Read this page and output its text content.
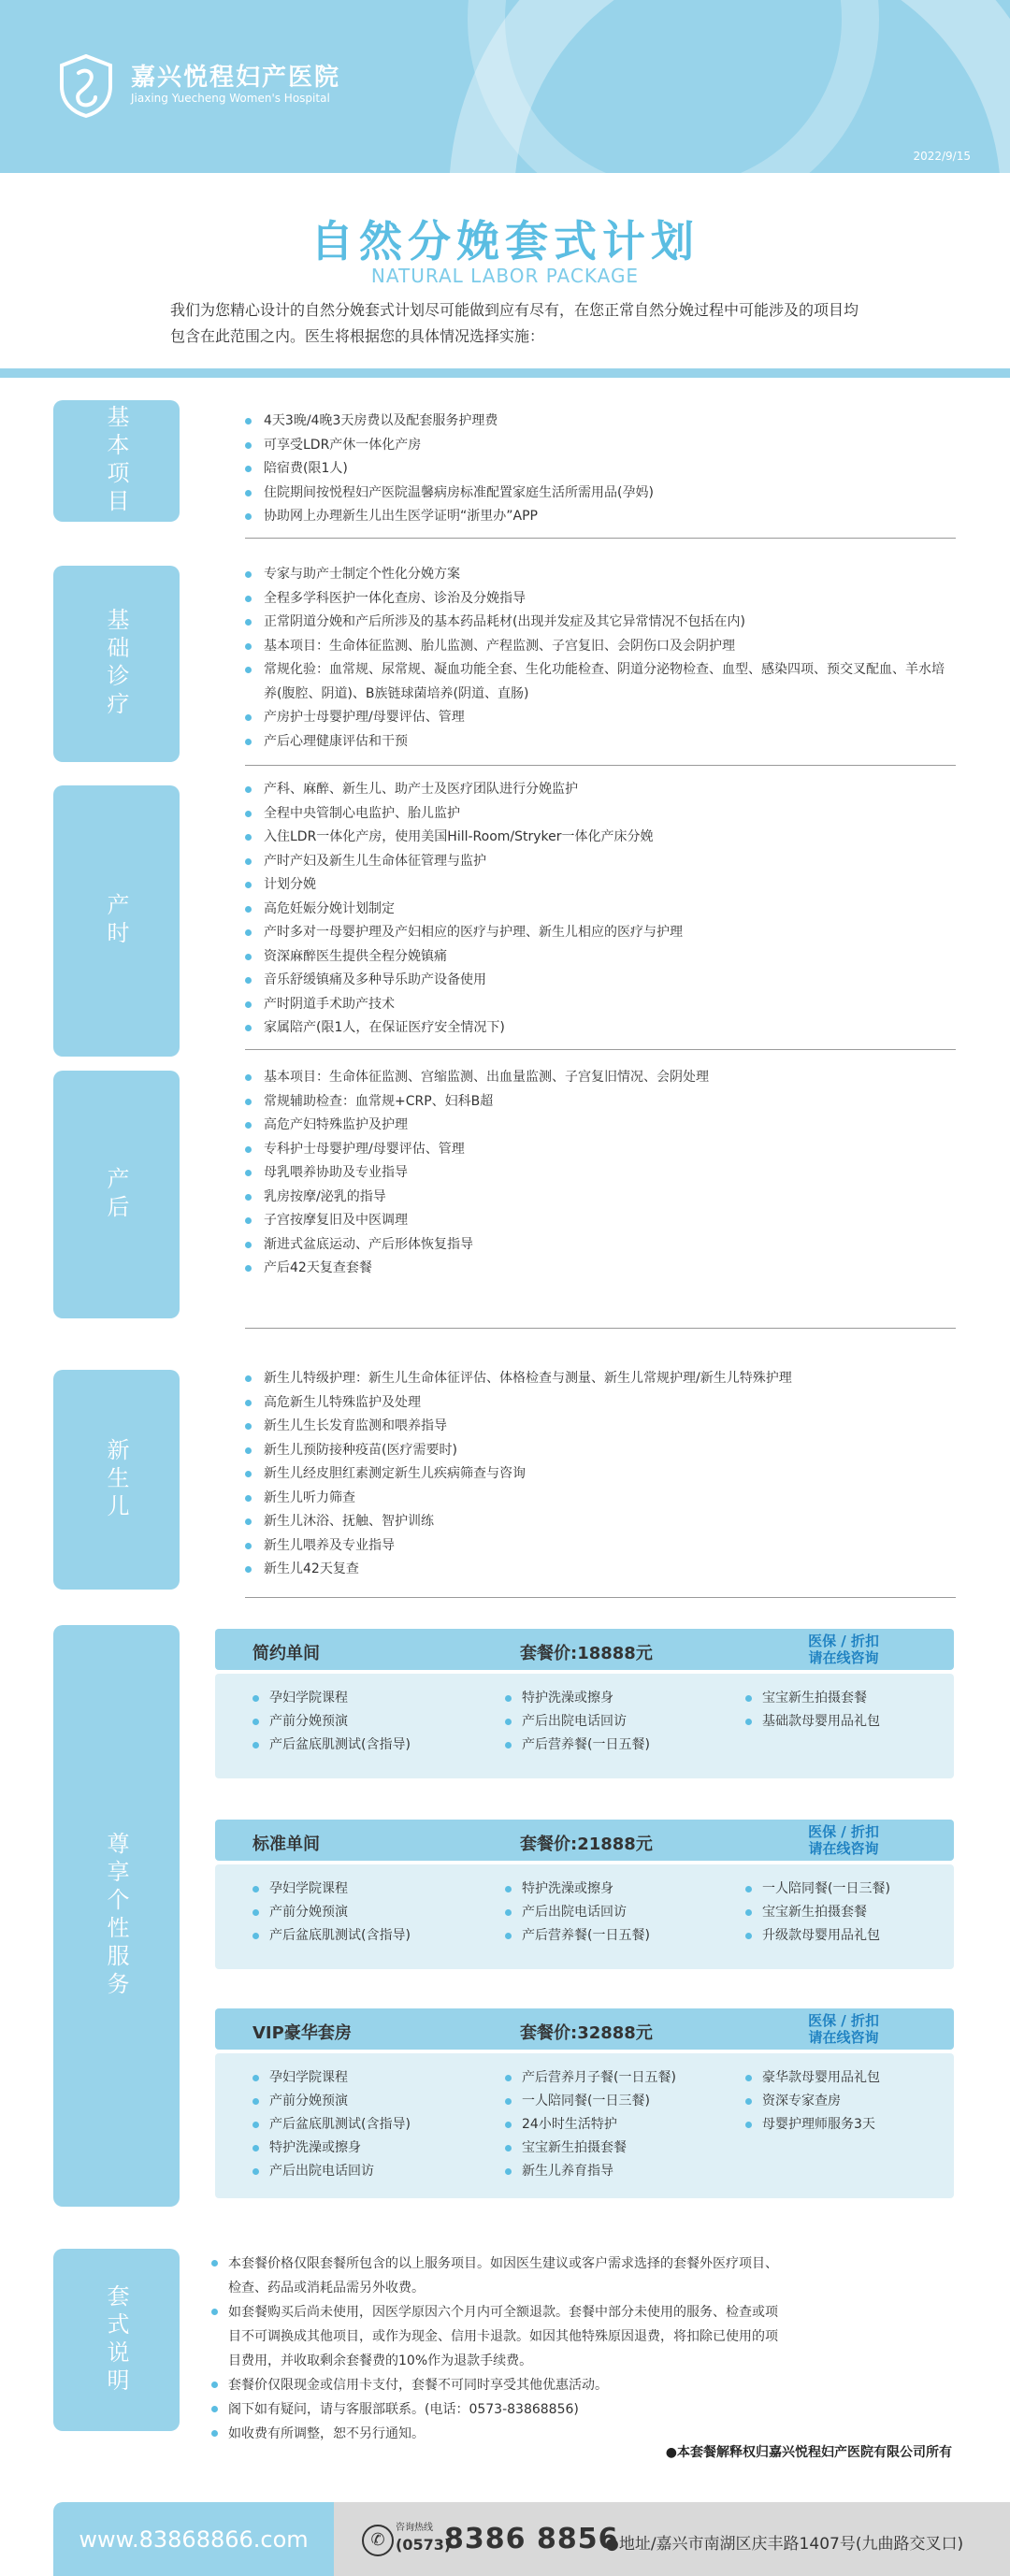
嘉兴悦程妇产医院
Jiaxing Yuecheng Women's Hospital
2022/9/15
自然分娩套式计划
NATURAL LABOR PACKAGE
我们为您精心设计的自然分娩套式计划尽可能做到应有尽有，在您正常自然分娩过程中可能涉及的项目均包含在此范围之内。医生将根据您的具体情况选择实施：
基本项目	4天3晚/4晚3天房费以及配套服务护理费
可享受LDR产休一体化产房
陪宿费(限1人)
住院期间按悦程妇产医院温馨病房标准配置家庭生活所需用品(孕妈)
协助网上办理新生儿出生医学证明“浙里办”APP
基础诊疗
专家与助产士制定个性化分娩方案
全程多学科医护一体化查房、诊治及分娩指导
正常阴道分娩和产后所涉及的基本药品耗材(出现并发症及其它异常情况不包括在内)
基本项目：生命体征监测、胎儿监测、产程监测、子宫复旧、会阴伤口及会阴护理
常规化验：血常规、尿常规、凝血功能全套、生化功能检查、阴道分泌物检查、血型、感染四项、预交叉配血、羊水培养(腹腔、阴道)、B族链球菌培养(阴道、直肠)
产房护士母婴护理/母婴评估、管理
产后心理健康评估和干预
产时
产科、麻醉、新生儿、助产士及医疗团队进行分娩监护
全程中央管制心电监护、胎儿监护
入住LDR一体化产房，使用美国Hill-Room/Stryker一体化产床分娩
产时产妇及新生儿生命体征管理与监护
计划分娩
高危妊娠分娩计划制定
产时多对一母婴护理及产妇相应的医疗与护理、新生儿相应的医疗与护理
资深麻醉医生提供全程分娩镇痛
音乐舒缓镇痛及多种导乐助产设备使用
产时阴道手术助产技术
家属陪产(限1人，在保证医疗安全情况下)
产后
基本项目：生命体征监测、宫缩监测、出血量监测、子宫复旧情况、会阴处理
常规辅助检查：血常规+CRP、妇科B超
高危产妇特殊监护及护理
专科护士母婴护理/母婴评估、管理
母乳喂养协助及专业指导
乳房按摩/泌乳的指导
子宫按摩复旧及中医调理
渐进式盆底运动、产后形体恢复指导
产后42天复查套餐
新生儿
新生儿特级护理：新生儿生命体征评估、体格检查与测量、新生儿常规护理/新生儿特殊护理
高危新生儿特殊监护及处理
新生儿生长发育监测和喂养指导
新生儿预防接种疫苗(医疗需要时)
新生儿经皮胆红素测定新生儿疾病筛查与咨询
新生儿听力筛查
新生儿沐浴、抚触、智护训练
新生儿喂养及专业指导
新生儿42天复查
尊享个性服务
简约单间	套餐价:18888元
医保 / 折扣
请在线咨询
孕妇学院课程
产前分娩预演
产后盆底肌测试(含指导)
特护洗澡或擦身
产后出院电话回访
产后营养餐(一日五餐)
宝宝新生拍摄套餐
基础款母婴用品礼包
标准单间	套餐价:21888元
医保 / 折扣
请在线咨询
孕妇学院课程
产前分娩预演
产后盆底肌测试(含指导)
特护洗澡或擦身
产后出院电话回访
产后营养餐(一日五餐)
一人陪同餐(一日三餐)
宝宝新生拍摄套餐
升级款母婴用品礼包
VIP豪华套房	套餐价:32888元
医保 / 折扣
请在线咨询
孕妇学院课程
产前分娩预演
产后盆底肌测试(含指导)
特护洗澡或擦身
产后出院电话回访
产后营养月子餐(一日五餐)
一人陪同餐(一日三餐)
24小时生活特护
宝宝新生拍摄套餐
新生儿养育指导
豪华款母婴用品礼包
资深专家查房
母婴护理师服务3天
套式说明
本套餐价格仅限套餐所包含的以上服务项目。如因医生建议或客户需求选择的套餐外医疗项目、检查、药品或消耗品需另外收费。
如套餐购买后尚未使用，因医学原因六个月内可全额退款。套餐中部分未使用的服务、检查或项目不可调换成其他项目，或作为现金、信用卡退款。如因其他特殊原因退费，将扣除已使用的项目费用，并收取剩余套餐费的10%作为退款手续费。
套餐价仅限现金或信用卡支付，套餐不可同时享受其他优惠活动。
阁下如有疑问，请与客服部联系。(电话：0573-83868856)
如收费有所调整，恕不另行通知。
●本套餐解释权归嘉兴悦程妇产医院有限公司所有
www.83868866.com	✆
咨询热线
(0573)
8386 8856
●地址/嘉兴市南湖区庆丰路1407号(九曲路交叉口)
